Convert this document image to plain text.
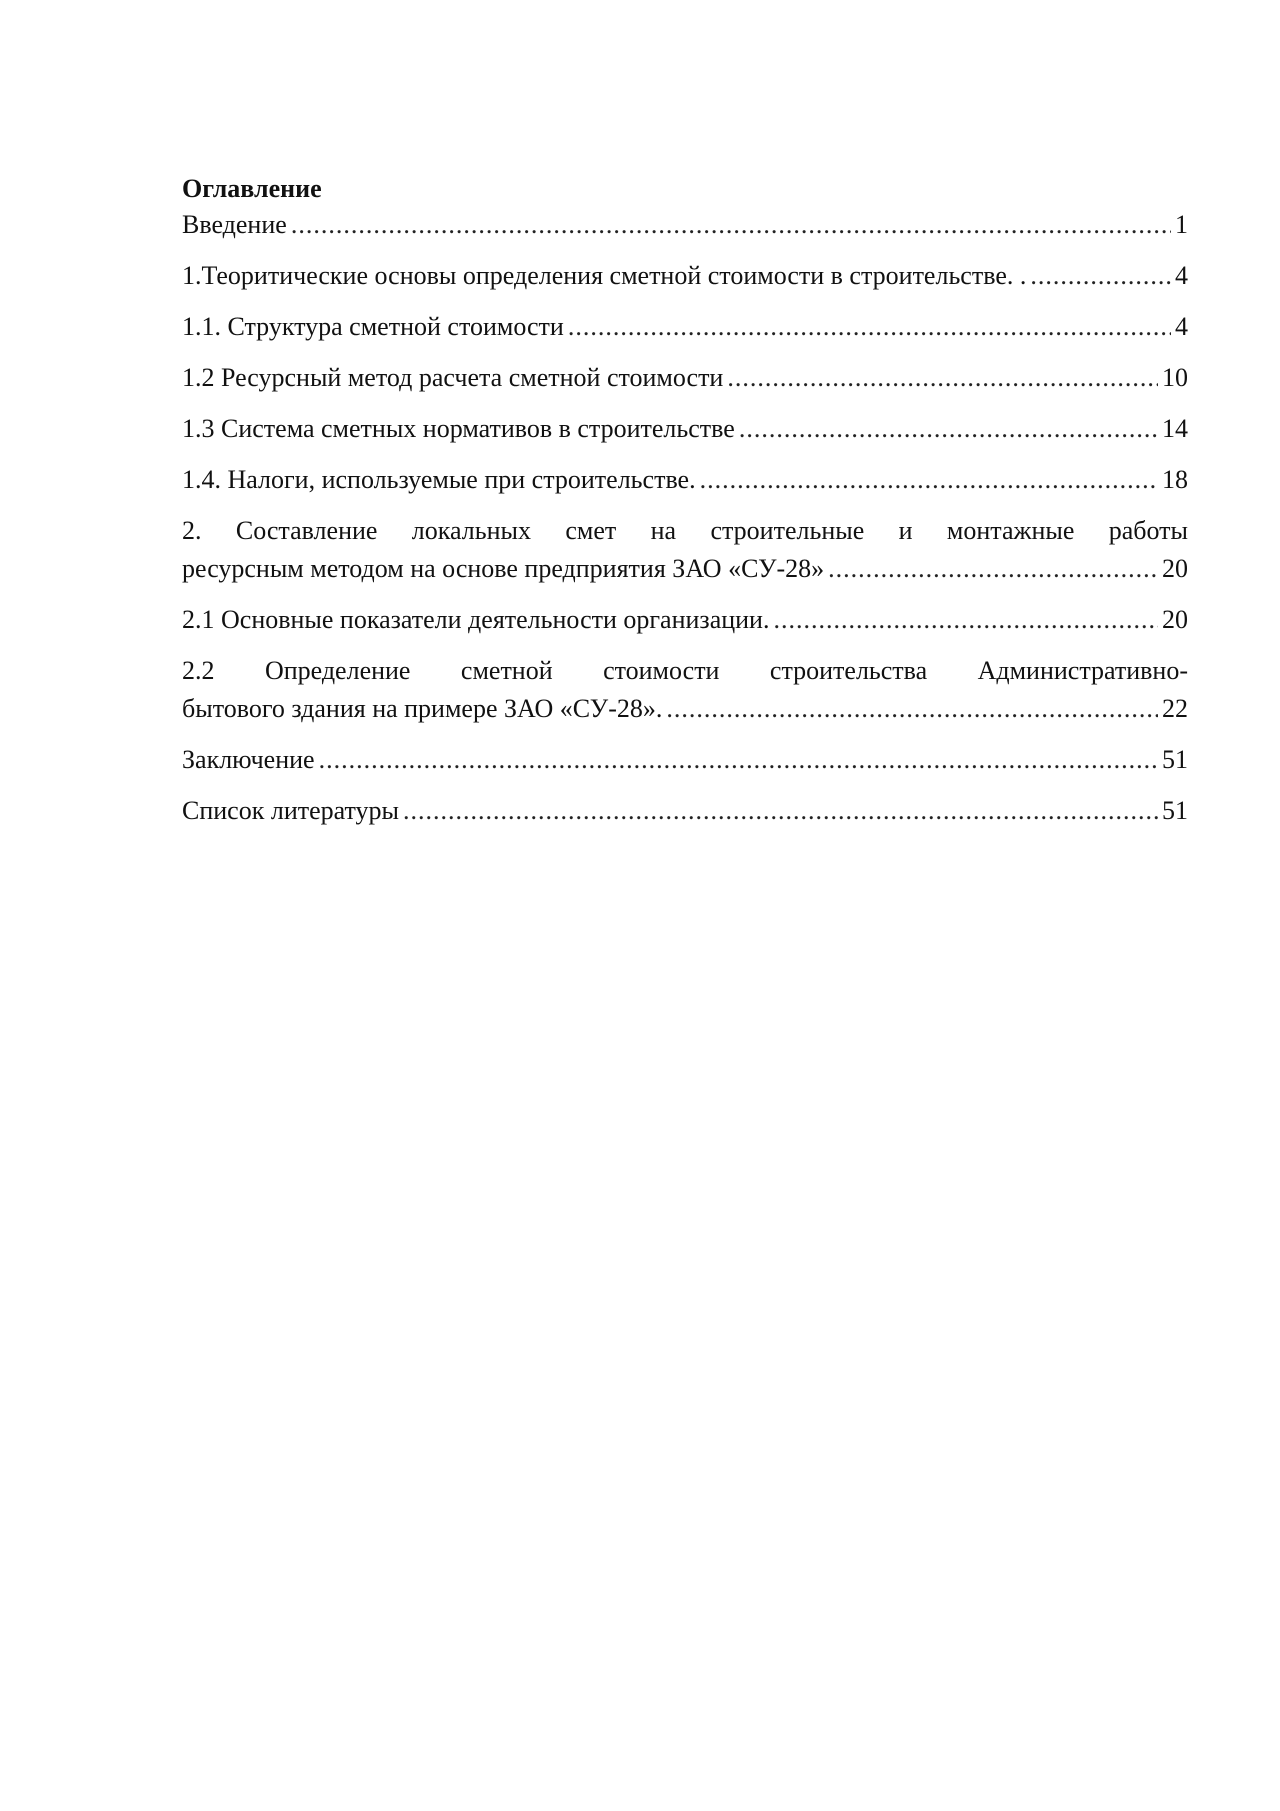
Оглавление
Введение .....	1
1.Теоритические основы определения сметной стоимости в строительстве. . .....	4
1.1. Структура сметной стоимости .....	4
1.2 Ресурсный метод расчета сметной стоимости .....	10
1.3 Система сметных нормативов в строительстве .....	14
1.4. Налоги, используемые при строительстве. .....	18
2. Составление локальных смет на строительные и монтажные работы
ресурсным методом на основе предприятия ЗАО «СУ-28» .....	20
2.1 Основные показатели деятельности организации. .....	20
2.2 Определение сметной стоимости строительства Административно-
бытового здания на примере ЗАО «СУ-28». .....	22
Заключение .....	51
Список литературы .....	51
